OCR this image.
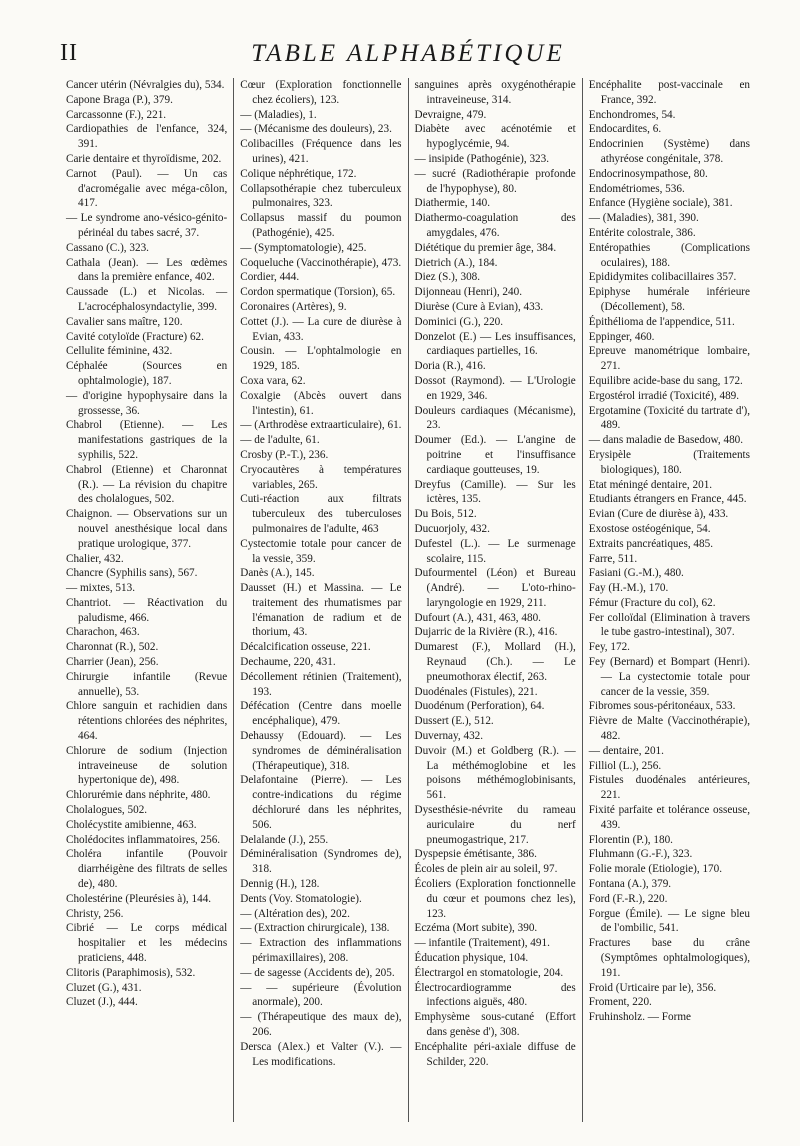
II	TABLE ALPHABÉTIQUE

Cancer utérin (Névralgies du), 534.

Capone Braga (P.), 379.

Carcassonne (F.), 221.

Cardiopathies de l'enfance, 324, 391.

Carie dentaire et thyroïdisme, 202.

Carnot (Paul). — Un cas d'acromégalie avec méga-côlon, 417.

— Le syndrome ano-vésico-génito-périnéal du tabes sacré, 37.

Cassano (C.), 323.

Cathala (Jean). — Les œdèmes dans la première enfance, 402.

Caussade (L.) et Nicolas. — L'acrocéphalosyndactylie, 399.

Cavalier sans maître, 120.

Cavité cotyloïde (Fracture) 62.

Cellulite féminine, 432.

Céphalée (Sources en ophtalmologie), 187.

— d'origine hypophysaire dans la grossesse, 36.

Chabrol (Etienne). — Les manifestations gastriques de la syphilis, 522.

Chabrol (Etienne) et Charonnat (R.). — La révision du chapitre des cholalogues, 502.

Chaignon. — Observations sur un nouvel anesthésique local dans pratique urologique, 377.

Chalier, 432.

Chancre (Syphilis sans), 567.

— mixtes, 513.

Chantriot. — Réactivation du paludisme, 466.

Charachon, 463.

Charonnat (R.), 502.

Charrier (Jean), 256.

Chirurgie infantile (Revue annuelle), 53.

Chlore sanguin et rachidien dans rétentions chlorées des néphrites, 464.

Chlorure de sodium (Injection intraveineuse de solution hypertonique de), 498.

Chlorurémie dans néphrite, 480.

Cholalogues, 502.

Cholécystite amibienne, 463.

Cholédocites inflammatoires, 256.

Choléra infantile (Pouvoir diarrhéigène des filtrats de selles de), 480.

Cholestérine (Pleurésies à), 144.

Christy, 256.

Cibrié — Le corps médical hospitalier et les médecins praticiens, 448.

Clitoris (Paraphimosis), 532.

Cluzet (G.), 431.

Cluzet (J.), 444.

Cœur (Exploration fonctionnelle chez écoliers), 123.

— (Maladies), 1.

— (Mécanisme des douleurs), 23.

Colibacilles (Fréquence dans les urines), 421.

Colique néphrétique, 172.

Collapsothérapie chez tuberculeux pulmonaires, 323.

Collapsus massif du poumon (Pathogénie), 425.

— (Symptomatologie), 425.

Coqueluche (Vaccinothérapie), 473.

Cordier, 444.

Cordon spermatique (Torsion), 65.

Coronaires (Artères), 9.

Cottet (J.). — La cure de diurèse à Evian, 433.

Cousin. — L'ophtalmologie en 1929, 185.

Coxa vara, 62.

Coxalgie (Abcès ouvert dans l'intestin), 61.

— (Arthrodèse extraarticulaire), 61.

— de l'adulte, 61.

Crosby (P.-T.), 236.

Cryocautères à températures variables, 265.

Cuti-réaction aux filtrats tuberculeux des tuberculoses pulmonaires de l'adulte, 463

Cystectomie totale pour cancer de la vessie, 359.

Danès (A.), 145.

Dausset (H.) et Massina. — Le traitement des rhumatismes par l'émanation de radium et de thorium, 43.

Décalcification osseuse, 221.

Dechaume, 220, 431.

Décollement rétinien (Traitement), 193.

Défécation (Centre dans moelle encéphalique), 479.

Dehaussy (Edouard). — Les syndromes de déminéralisation (Thérapeutique), 318.

Delafontaine (Pierre). — Les contre-indications du régime déchloruré dans les néphrites, 506.

Delalande (J.), 255.

Déminéralisation (Syndromes de), 318.

Dennig (H.), 128.

Dents (Voy. Stomatologie).

— (Altération des), 202.

— (Extraction chirurgicale), 138.

— Extraction des inflammations périmaxillaires), 208.

— de sagesse (Accidents de), 205.

— — supérieure (Évolution anormale), 200.

— (Thérapeutique des maux de), 206.

Dersca (Alex.) et Valter (V.). — Les modifications.

sanguines après oxygénothérapie intraveineuse, 314.

Devraigne, 479.

Diabète avec acénotémie et hypoglycémie, 94.

— insipide (Pathogénie), 323.

— sucré (Radiothérapie profonde de l'hypophyse), 80.

Diathermie, 140.

Diathermo-coagulation des amygdales, 476.

Diététique du premier âge, 384.

Dietrich (A.), 184.

Diez (S.), 308.

Dijonneau (Henri), 240.

Diurèse (Cure à Evian), 433.

Dominici (G.), 220.

Donzelot (E.) — Les insuffisances, cardiaques partielles, 16.

Doria (R.), 416.

Dossot (Raymond). — L'Urologie en 1929, 346.

Douleurs cardiaques (Mécanisme), 23.

Doumer (Ed.). — L'angine de poitrine et l'insuffisance cardiaque goutteuses, 19.

Dreyfus (Camille). — Sur les ictères, 135.

Du Bois, 512.

Ducuorjoly, 432.

Dufestel (L.). — Le surmenage scolaire, 115.

Dufourmentel (Léon) et Bureau (André). — L'oto-rhino-laryngologie en 1929, 211.

Dufourt (A.), 431, 463, 480.

Dujarric de la Rivière (R.), 416.

Dumarest (F.), Mollard (H.), Reynaud (Ch.). — Le pneumothorax électif, 263.

Duodénales (Fistules), 221.

Duodénum (Perforation), 64.

Dussert (E.), 512.

Duvernay, 432.

Duvoir (M.) et Goldberg (R.). — La méthémoglobine et les poisons méthémoglobinisants, 561.

Dysesthésie-névrite du rameau auriculaire du nerf pneumogastrique, 217.

Dyspepsie émétisante, 386.

Écoles de plein air au soleil, 97.

Écoliers (Exploration fonctionnelle du cœur et poumons chez les), 123.

Eczéma (Mort subite), 390.

— infantile (Traitement), 491.

Éducation physique, 104.

Électrargol en stomatologie, 204.

Électrocardiogramme des infections aiguës, 480.

Emphysème sous-cutané (Effort dans genèse d'), 308.

Encéphalite péri-axiale diffuse de Schilder, 220.

Encéphalite post-vaccinale en France, 392.

Enchondromes, 54.

Endocardites, 6.

Endocrinien (Système) dans athyréose congénitale, 378.

Endocrinosympathose, 80.

Endométriomes, 536.

Enfance (Hygiène sociale), 381.

— (Maladies), 381, 390.

Entérite colostrale, 386.

Entéropathies (Complications oculaires), 188.

Epididymites colibacillaires 357.

Epiphyse humérale inférieure (Décollement), 58.

Épithélioma de l'appendice, 511.

Eppinger, 460.

Epreuve manométrique lombaire, 271.

Equilibre acide-base du sang, 172.

Ergostérol irradié (Toxicité), 489.

Ergotamine (Toxicité du tartrate d'), 489.

— dans maladie de Basedow, 480.

Erysipèle (Traitements biologiques), 180.

Etat méningé dentaire, 201.

Etudiants étrangers en France, 445.

Evian (Cure de diurèse à), 433.

Exostose ostéogénique, 54.

Extraits pancréatiques, 485.

Farre, 511.

Fasiani (G.-M.), 480.

Fay (H.-M.), 170.

Fémur (Fracture du col), 62.

Fer colloïdal (Elimination à travers le tube gastro-intestinal), 307.

Fey, 172.

Fey (Bernard) et Bompart (Henri). — La cystectomie totale pour cancer de la vessie, 359.

Fibromes sous-péritonéaux, 533.

Fièvre de Malte (Vaccinothérapie), 482.

— dentaire, 201.

Filliol (L.), 256.

Fistules duodénales antérieures, 221.

Fixité parfaite et tolérance osseuse, 439.

Florentin (P.), 180.

Fluhmann (G.-F.), 323.

Folie morale (Etiologie), 170.

Fontana (A.), 379.

Ford (F.-R.), 220.

Forgue (Émile). — Le signe bleu de l'ombilic, 541.

Fractures base du crâne (Symptômes ophtalmologiques), 191.

Froid (Urticaire par le), 356.

Froment, 220.

Fruhinsholz. — Forme
